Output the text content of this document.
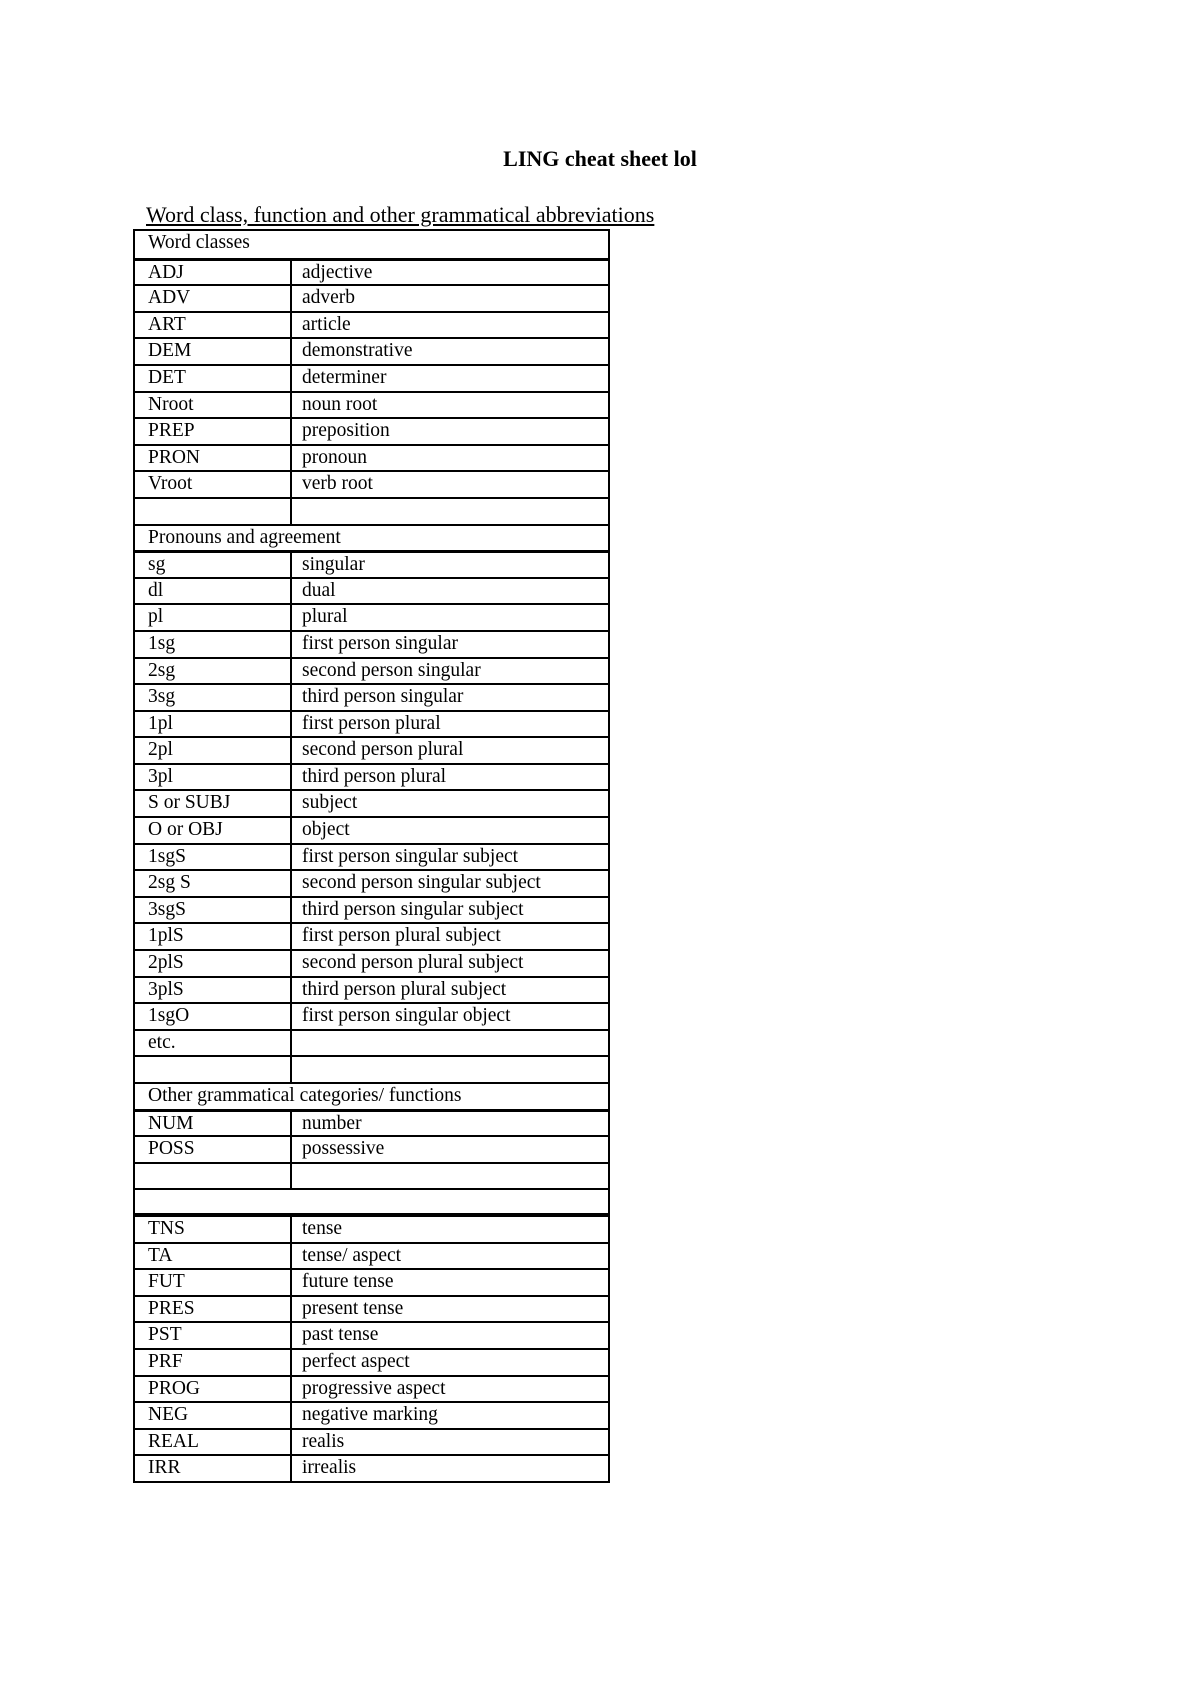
LING cheat sheet lol
Word class, function and other grammatical abbreviations
Word classes
ADJ	adjective
ADV	adverb
ART	article
DEM	demonstrative
DET	determiner
Nroot	noun root
PREP	preposition
PRON	pronoun
Vroot	verb root
Pronouns and agreement
sg	singular
dl	dual
pl	plural
1sg	first person singular
2sg	second person singular
3sg	third person singular
1pl	first person plural
2pl	second person plural
3pl	third person plural
S or SUBJ	subject
O or OBJ	object
1sgS	first person singular subject
2sg S	second person singular subject
3sgS	third person singular subject
1plS	first person plural subject
2plS	second person plural subject
3plS	third person plural subject
1sgO	first person singular object
etc.
Other grammatical categories/ functions
NUM	number
POSS	possessive
TNS	tense
TA	tense/ aspect
FUT	future tense
PRES	present tense
PST	past tense
PRF	perfect aspect
PROG	progressive aspect
NEG	negative marking
REAL	realis
IRR	irrealis
